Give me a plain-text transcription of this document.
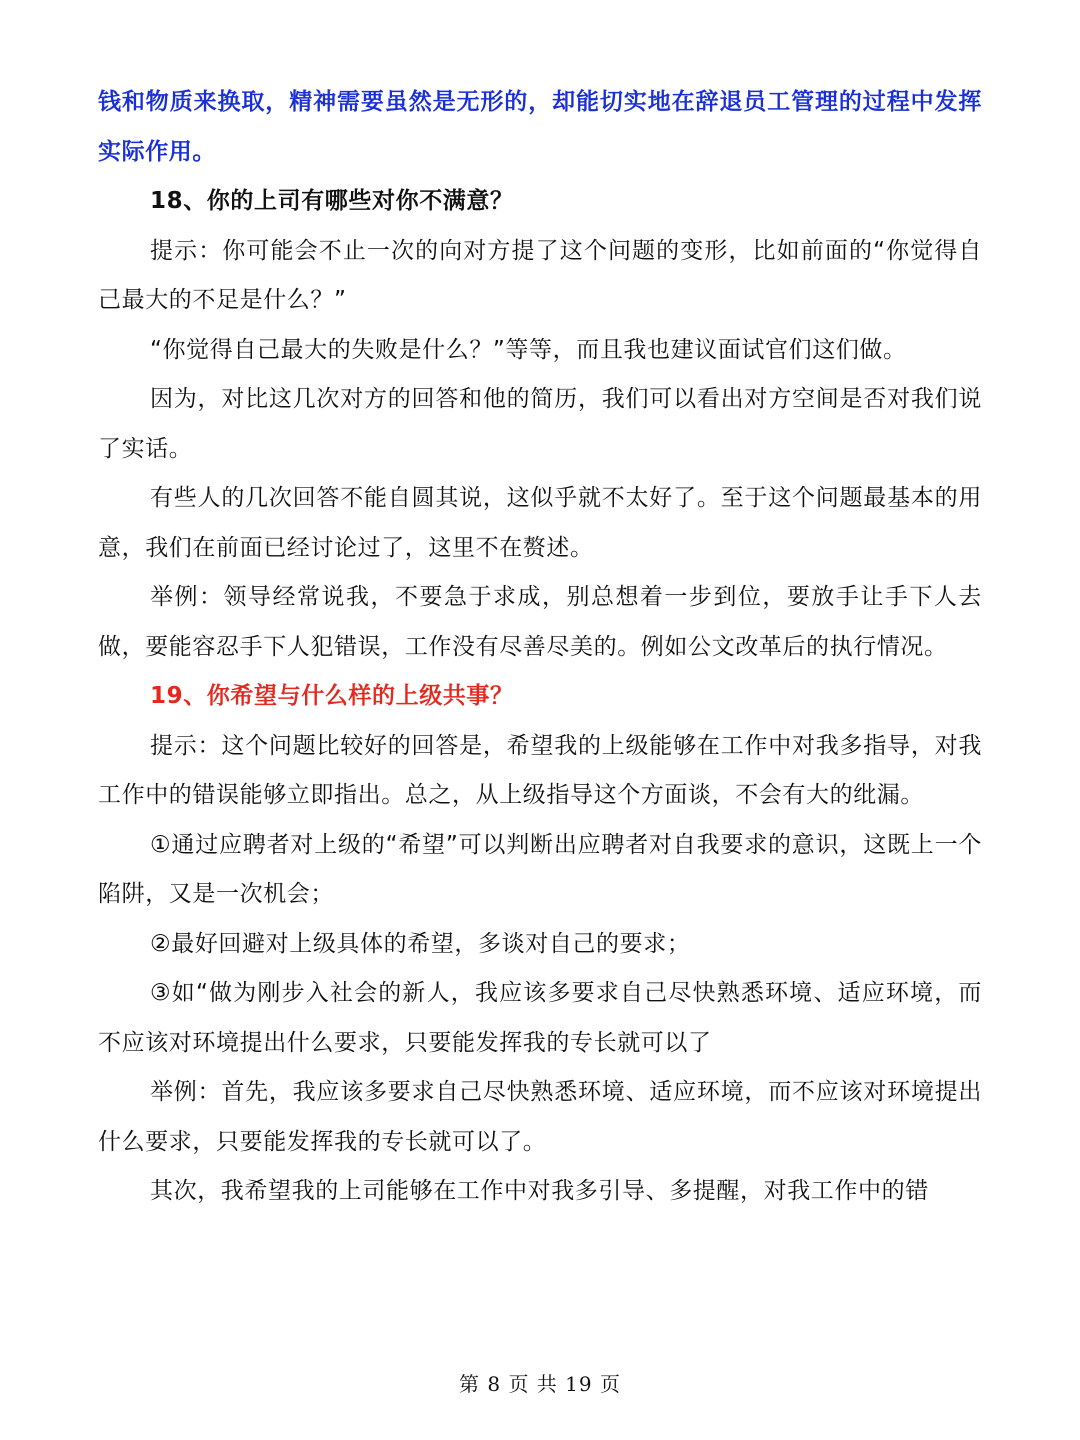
钱和物质来换取，精神需要虽然是无形的，却能切实地在辞退员工管理的过程中发挥实际作用。

18、你的上司有哪些对你不满意？

提示：你可能会不止一次的向对方提了这个问题的变形，比如前面的“你觉得自己最大的不足是什么？”

“你觉得自己最大的失败是什么？”等等，而且我也建议面试官们这们做。

因为，对比这几次对方的回答和他的简历，我们可以看出对方空间是否对我们说了实话。

有些人的几次回答不能自圆其说，这似乎就不太好了。至于这个问题最基本的用意，我们在前面已经讨论过了，这里不在赘述。

举例：领导经常说我，不要急于求成，别总想着一步到位，要放手让手下人去做，要能容忍手下人犯错误，工作没有尽善尽美的。例如公文改革后的执行情况。

19、你希望与什么样的上级共事？

提示：这个问题比较好的回答是，希望我的上级能够在工作中对我多指导，对我工作中的错误能够立即指出。总之，从上级指导这个方面谈，不会有大的纰漏。

①通过应聘者对上级的“希望”可以判断出应聘者对自我要求的意识，这既上一个陷阱，又是一次机会；

②最好回避对上级具体的希望，多谈对自己的要求；

③如“做为刚步入社会的新人，我应该多要求自己尽快熟悉环境、适应环境，而不应该对环境提出什么要求，只要能发挥我的专长就可以了

举例：首先，我应该多要求自己尽快熟悉环境、适应环境，而不应该对环境提出什么要求，只要能发挥我的专长就可以了。

其次，我希望我的上司能够在工作中对我多引导、多提醒，对我工作中的错

第 8 页 共 19 页
